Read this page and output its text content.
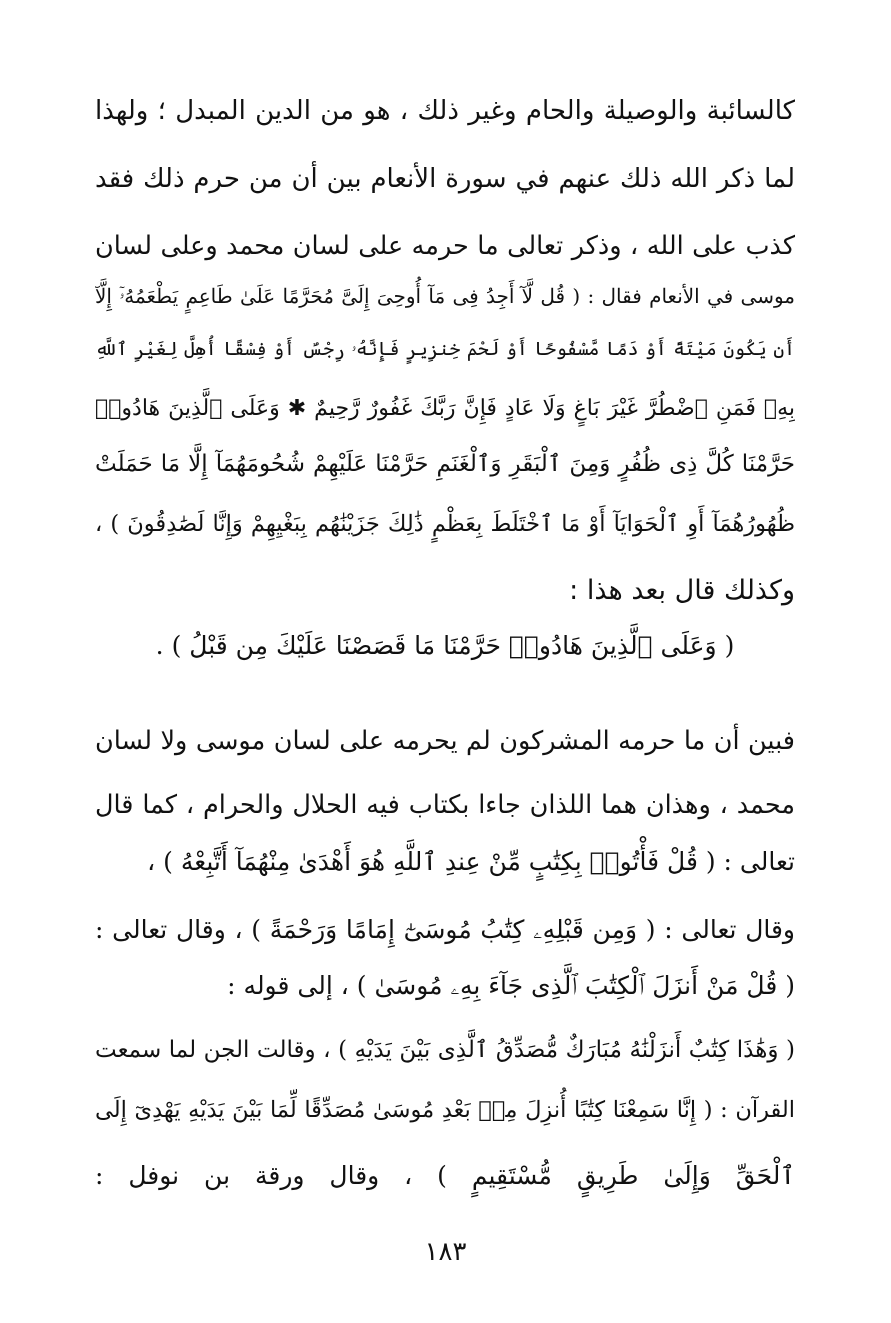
كالسائبة والوصيلة والحام وغير ذلك ، هو من الدين المبدل ؛ ولهذا
لما ذكر الله ذلك عنهم في سورة الأنعام بين أن من حرم ذلك فقد
كذب على الله ، وذكر تعالى ما حرمه على لسان محمد وعلى لسان
موسى في الأنعام فقال : ( قُل لَّآ أَجِدُ فِى مَآ أُوحِىَ إِلَىَّ مُحَرَّمًا عَلَىٰ طَاعِمٍ يَطْعَمُهُۥٓ إِلَّآ
أَن يَكُونَ مَيْتَةً أَوْ دَمًا مَّسْفُوحًا أَوْ لَحْمَ خِنزِيرٍ فَإِنَّهُۥ رِجْسٌ أَوْ فِسْقًا أُهِلَّ لِغَيْرِ ٱللَّهِ
بِهِۦ فَمَنِ ٱضْطُرَّ غَيْرَ بَاغٍ وَلَا عَادٍ فَإِنَّ رَبَّكَ غَفُورٌ رَّحِيمٌ ✱ وَعَلَى ٱلَّذِينَ هَادُوا۟
حَرَّمْنَا كُلَّ ذِى ظُفُرٍ وَمِنَ ٱلْبَقَرِ وَٱلْغَنَمِ حَرَّمْنَا عَلَيْهِمْ شُحُومَهُمَآ إِلَّا مَا حَمَلَتْ
ظُهُورُهُمَآ أَوِ ٱلْحَوَايَآ أَوْ مَا ٱخْتَلَطَ بِعَظْمٍ ذَٰلِكَ جَزَيْنَٰهُم بِبَغْيِهِمْ وَإِنَّا لَصَٰدِقُونَ ) ،
وكذلك قال بعد هذا :
( وَعَلَى ٱلَّذِينَ هَادُوا۟ حَرَّمْنَا مَا قَصَصْنَا عَلَيْكَ مِن قَبْلُ ) .
فبين أن ما حرمه المشركون لم يحرمه على لسان موسى ولا لسان
محمد ، وهذان هما اللذان جاءا بكتاب فيه الحلال والحرام ، كما قال
تعالى : ( قُلْ فَأْتُوا۟ بِكِتَٰبٍ مِّنْ عِندِ ٱللَّهِ هُوَ أَهْدَىٰ مِنْهُمَآ أَتَّبِعْهُ ) ،
وقال تعالى : ( وَمِن قَبْلِهِۦ كِتَٰبُ مُوسَىٰٓ إِمَامًا وَرَحْمَةً ) ، وقال تعالى :
( قُلْ مَنْ أَنزَلَ ٱلْكِتَٰبَ ٱلَّذِى جَآءَ بِهِۦ مُوسَىٰ ) ، إلى قوله :
( وَهَٰذَا كِتَٰبٌ أَنزَلْنَٰهُ مُبَارَكٌ مُّصَدِّقُ ٱلَّذِى بَيْنَ يَدَيْهِ ) ، وقالت الجن لما سمعت
القرآن : ( إِنَّا سَمِعْنَا كِتَٰبًا أُنزِلَ مِنۢ بَعْدِ مُوسَىٰ مُصَدِّقًا لِّمَا بَيْنَ يَدَيْهِ يَهْدِىٓ إِلَى
ٱلْحَقِّ وَإِلَىٰ طَرِيقٍ مُّسْتَقِيمٍ ) ، وقال ورقة بن نوفل :
١٨٣
